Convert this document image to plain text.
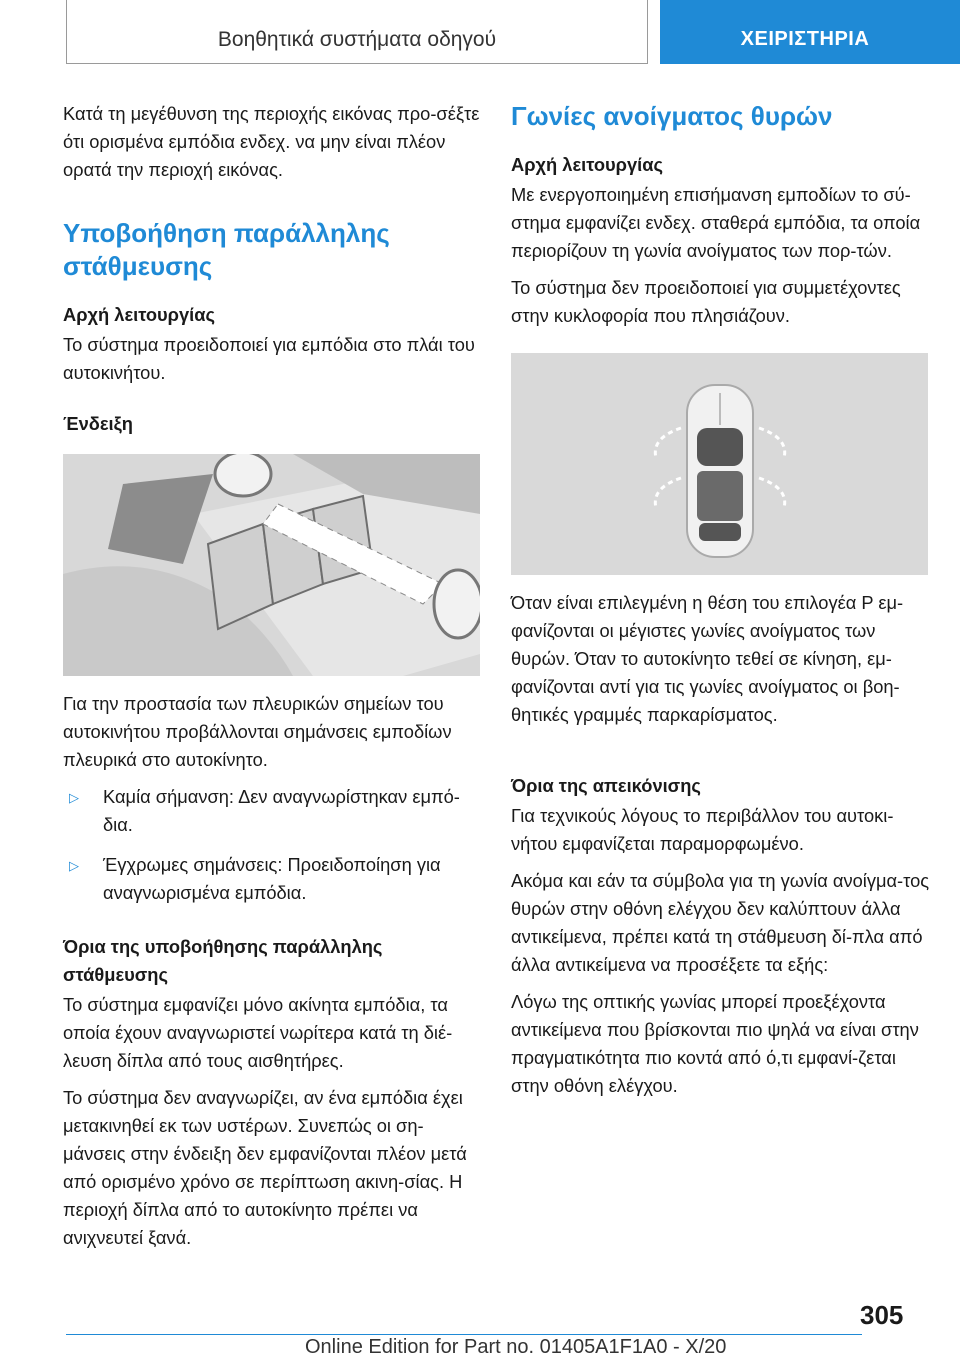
Βοηθητικά συστήματα οδηγού	ΧΕΙΡΙΣΤΗΡΙΑ

Κατά τη μεγέθυνση της περιοχής εικόνας προ-σέξτε ότι ορισμένα εμπόδια ενδεχ. να μην είναι πλέον ορατά την περιοχή εικόνας.

Υποβοήθηση παράλληλης στάθμευσης
Αρχή λειτουργίας

Το σύστημα προειδοποιεί για εμπόδια στο πλάι του αυτοκινήτου.

Ένδειξη

Για την προστασία των πλευρικών σημείων του αυτοκινήτου προβάλλονται σημάνσεις εμποδίων πλευρικά στο αυτοκίνητο.

▷ Καμία σήμανση: Δεν αναγνωρίστηκαν εμπό-δια.
▷ Έγχρωμες σημάνσεις: Προειδοποίηση για αναγνωρισμένα εμπόδια.
Όρια της υποβοήθησης παράλληλης στάθμευσης

Το σύστημα εμφανίζει μόνο ακίνητα εμπόδια, τα οποία έχουν αναγνωριστεί νωρίτερα κατά τη διέ-λευση δίπλα από τους αισθητήρες.

Το σύστημα δεν αναγνωρίζει, αν ένα εμπόδια έχει μετακινηθεί εκ των υστέρων. Συνεπώς οι ση-μάνσεις στην ένδειξη δεν εμφανίζονται πλέον μετά από ορισμένο χρόνο σε περίπτωση ακινη-σίας. Η περιοχή δίπλα από το αυτοκίνητο πρέπει να ανιχνευτεί ξανά.

Γωνίες ανοίγματος θυρών
Αρχή λειτουργίας

Με ενεργοποιημένη επισήμανση εμποδίων το σύ-στημα εμφανίζει ενδεχ. σταθερά εμπόδια, τα οποία περιορίζουν τη γωνία ανοίγματος των πορ-τών.

Το σύστημα δεν προειδοποιεί για συμμετέχοντες στην κυκλοφορία που πλησιάζουν.

Όταν είναι επιλεγμένη η θέση του επιλογέα P εμ-φανίζονται οι μέγιστες γωνίες ανοίγματος των θυρών. Όταν το αυτοκίνητο τεθεί σε κίνηση, εμ-φανίζονται αντί για τις γωνίες ανοίγματος οι βοη-θητικές γραμμές παρκαρίσματος.

Όρια της απεικόνισης

Για τεχνικούς λόγους το περιβάλλον του αυτοκι-νήτου εμφανίζεται παραμορφωμένο.

Ακόμα και εάν τα σύμβολα για τη γωνία ανοίγμα-τος θυρών στην οθόνη ελέγχου δεν καλύπτουν άλλα αντικείμενα, πρέπει κατά τη στάθμευση δί-πλα από άλλα αντικείμενα να προσέξετε τα εξής:

Λόγω της οπτικής γωνίας μπορεί προεξέχοντα αντικείμενα που βρίσκονται πιο ψηλά να είναι στην πραγματικότητα πιο κοντά από ό,τι εμφανί-ζεται στην οθόνη ελέγχου.

305
Online Edition for Part no. 01405A1F1A0 - X/20
